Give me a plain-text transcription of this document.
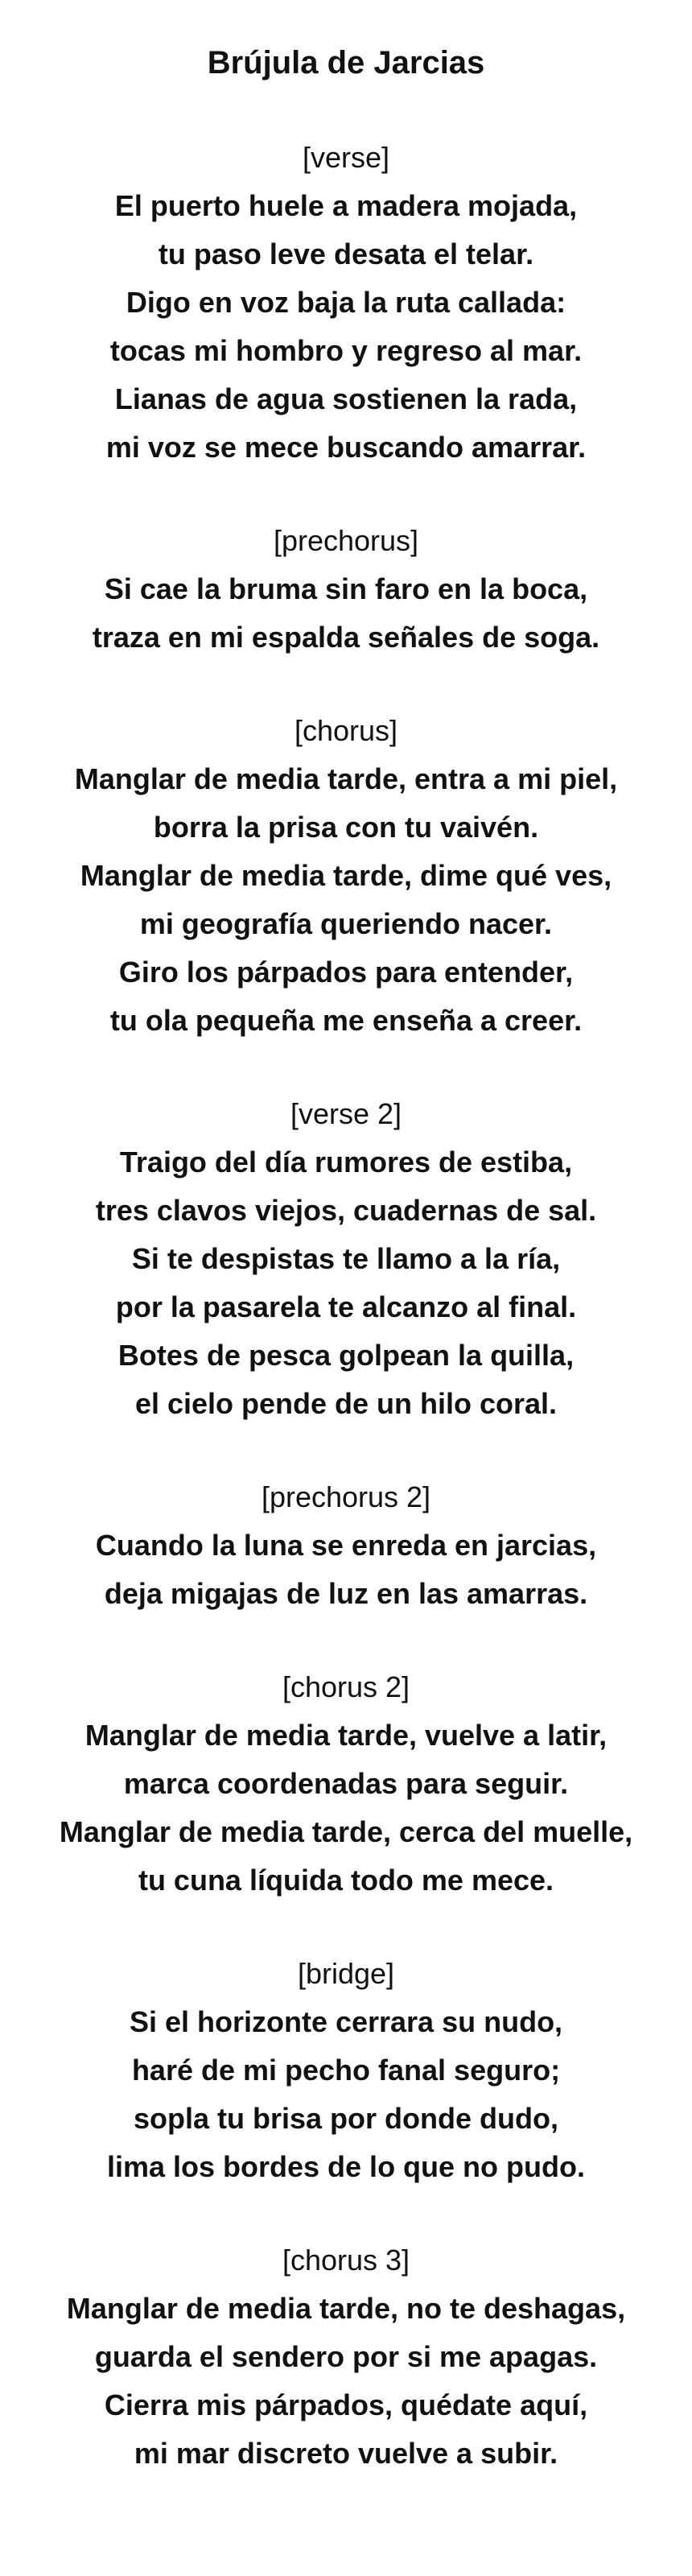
Brújula de Jarcias
[verse]
El puerto huele a madera mojada,
tu paso leve desata el telar.
Digo en voz baja la ruta callada:
tocas mi hombro y regreso al mar.
Lianas de agua sostienen la rada,
mi voz se mece buscando amarrar.
[prechorus]
Si cae la bruma sin faro en la boca,
traza en mi espalda señales de soga.
[chorus]
Manglar de media tarde, entra a mi piel,
borra la prisa con tu vaivén.
Manglar de media tarde, dime qué ves,
mi geografía queriendo nacer.
Giro los párpados para entender,
tu ola pequeña me enseña a creer.
[verse 2]
Traigo del día rumores de estiba,
tres clavos viejos, cuadernas de sal.
Si te despistas te llamo a la ría,
por la pasarela te alcanzo al final.
Botes de pesca golpean la quilla,
el cielo pende de un hilo coral.
[prechorus 2]
Cuando la luna se enreda en jarcias,
deja migajas de luz en las amarras.
[chorus 2]
Manglar de media tarde, vuelve a latir,
marca coordenadas para seguir.
Manglar de media tarde, cerca del muelle,
tu cuna líquida todo me mece.
[bridge]
Si el horizonte cerrara su nudo,
haré de mi pecho fanal seguro;
sopla tu brisa por donde dudo,
lima los bordes de lo que no pudo.
[chorus 3]
Manglar de media tarde, no te deshagas,
guarda el sendero por si me apagas.
Cierra mis párpados, quédate aquí,
mi mar discreto vuelve a subir.
